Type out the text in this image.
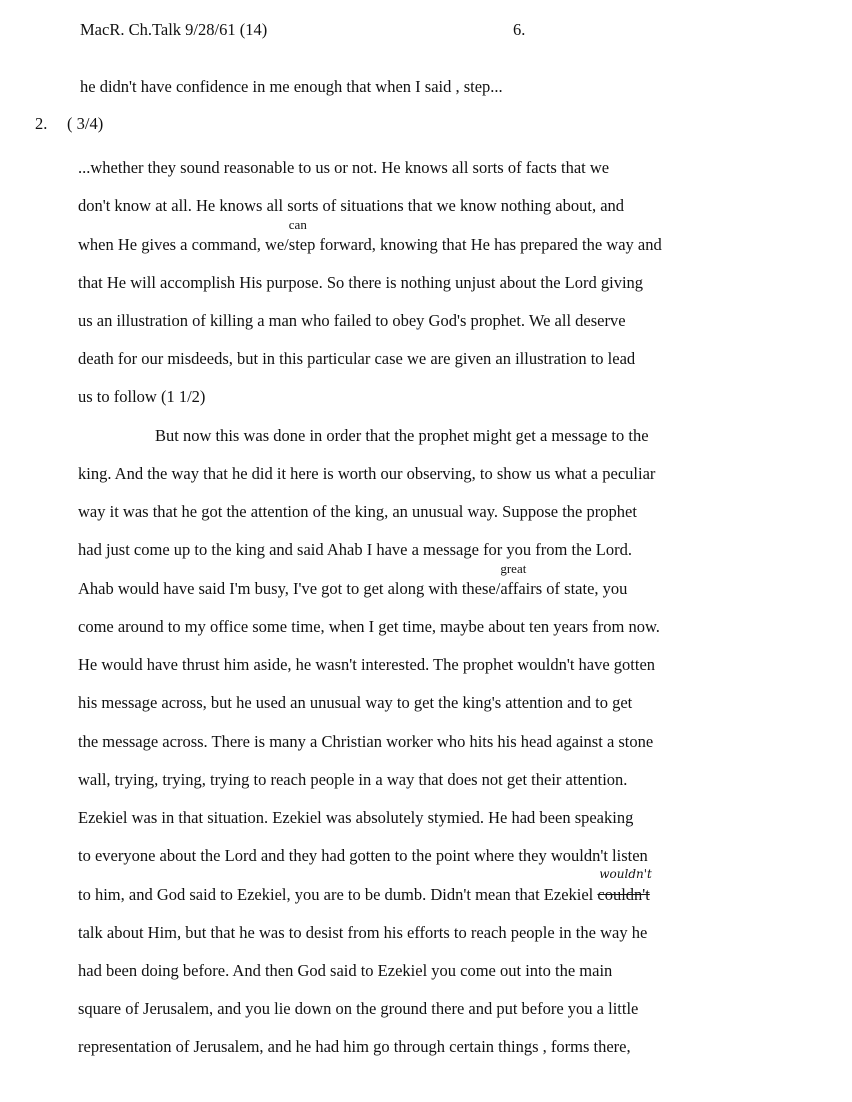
MacR. Ch.Talk 9/28/61 (14)	6.
he didn't have confidence in me enough that when I said , step...
2. ( 3/4)
...whether they sound reasonable to us or not. He knows all sorts of facts that we
don't know at all. He knows all sorts of situations that we know nothing about, and
when He gives a command, we/
can
step forward, knowing that He has prepared the way and
that He will accomplish His purpose. So there is nothing unjust about the Lord giving
us an illustration of killing a man who failed to obey God's prophet. We all deserve
death for our misdeeds, but in this particular case we are given an illustration to lead
us to follow (1 1/2)
But now this was done in order that the prophet might get a message to the
king. And the way that he did it here is worth our observing, to show us what a peculiar
way it was that he got the attention of the king, an unusual way. Suppose the prophet
had just come up to the king and said Ahab I have a message for you from the Lord.
Ahab would have said I'm busy, I've got to get along with these/
great
affairs of state, you
come around to my office some time, when I get time, maybe about ten years from now.
He would have thrust him aside, he wasn't interested. The prophet wouldn't have gotten
his message across, but he used an unusual way to get the king's attention and to get
the message across. There is many a Christian worker who hits his head against a stone
wall, trying, trying, trying to reach people in a way that does not get their attention.
Ezekiel was in that situation. Ezekiel was absolutely stymied. He had been speaking
to everyone about the Lord and they had gotten to the point where they wouldn't listen
to him, and God said to Ezekiel, you are to be dumb. Didn't mean that Ezekiel couldn't
wouldn't
talk about Him, but that he was to desist from his efforts to reach people in the way he
had been doing before. And then God said to Ezekiel you come out into the main
square of Jerusalem, and you lie down on the ground there and put before you a little
representation of Jerusalem, and he had him go through certain things , forms there,
